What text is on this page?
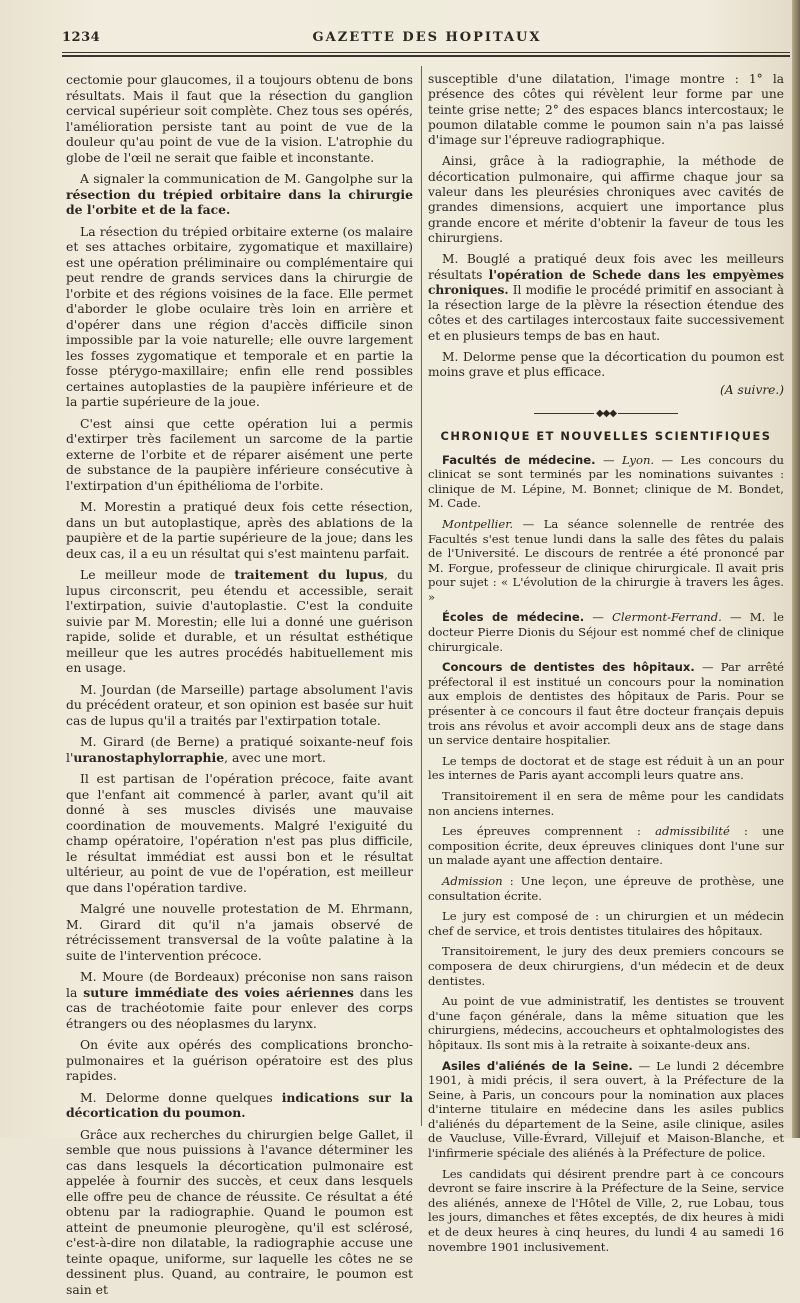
1234	GAZETTE DES HOPITAUX

cectomie pour glaucomes, il a toujours obtenu de bons résultats. Mais il faut que la résection du ganglion cervical supérieur soit complète. Chez tous ses opérés, l'amélioration persiste tant au point de vue de la douleur qu'au point de vue de la vision. L'atrophie du globe de l'œil ne serait que faible et inconstante.

A signaler la communication de M. Gangolphe sur la résection du trépied orbitaire dans la chirurgie de l'orbite et de la face.

La résection du trépied orbitaire externe (os malaire et ses attaches orbitaire, zygomatique et maxillaire) est une opération préliminaire ou complémentaire qui peut rendre de grands services dans la chirurgie de l'orbite et des régions voisines de la face. Elle permet d'aborder le globe oculaire très loin en arrière et d'opérer dans une région d'accès difficile sinon impossible par la voie naturelle; elle ouvre largement les fosses zygomatique et temporale et en partie la fosse ptérygo-maxillaire; enfin elle rend possibles certaines autoplasties de la paupière inférieure et de la partie supérieure de la joue.

C'est ainsi que cette opération lui a permis d'extirper très facilement un sarcome de la partie externe de l'orbite et de réparer aisément une perte de substance de la paupière inférieure consécutive à l'extirpation d'un épithélioma de l'orbite.

M. Morestin a pratiqué deux fois cette résection, dans un but autoplastique, après des ablations de la paupière et de la partie supérieure de la joue; dans les deux cas, il a eu un résultat qui s'est maintenu parfait.

Le meilleur mode de traitement du lupus, du lupus circonscrit, peu étendu et accessible, serait l'extirpation, suivie d'autoplastie. C'est la conduite suivie par M. Morestin; elle lui a donné une guérison rapide, solide et durable, et un résultat esthétique meilleur que les autres procédés habituellement mis en usage.

M. Jourdan (de Marseille) partage absolument l'avis du précédent orateur, et son opinion est basée sur huit cas de lupus qu'il a traités par l'extirpation totale.

M. Girard (de Berne) a pratiqué soixante-neuf fois l'uranostaphylorraphie, avec une mort.

Il est partisan de l'opération précoce, faite avant que l'enfant ait commencé à parler, avant qu'il ait donné à ses muscles divisés une mauvaise coordination de mouvements. Malgré l'exiguité du champ opératoire, l'opération n'est pas plus difficile, le résultat immédiat est aussi bon et le résultat ultérieur, au point de vue de l'opération, est meilleur que dans l'opération tardive.

Malgré une nouvelle protestation de M. Ehrmann, M. Girard dit qu'il n'a jamais observé de rétrécissement transversal de la voûte palatine à la suite de l'intervention précoce.

M. Moure (de Bordeaux) préconise non sans raison la suture immédiate des voies aériennes dans les cas de trachéotomie faite pour enlever des corps étrangers ou des néoplasmes du larynx.

On évite aux opérés des complications broncho-pulmonaires et la guérison opératoire est des plus rapides.

M. Delorme donne quelques indications sur la décortication du poumon.

Grâce aux recherches du chirurgien belge Gallet, il semble que nous puissions à l'avance déterminer les cas dans lesquels la décortication pulmonaire est appelée à fournir des succès, et ceux dans lesquels elle offre peu de chance de réussite. Ce résultat a été obtenu par la radiographie. Quand le poumon est atteint de pneumonie pleurogène, qu'il est sclérosé, c'est-à-dire non dilatable, la radiographie accuse une teinte opaque, uniforme, sur laquelle les côtes ne se dessinent plus. Quand, au contraire, le poumon est sain et

susceptible d'une dilatation, l'image montre : 1° la présence des côtes qui révèlent leur forme par une teinte grise nette; 2° des espaces blancs intercostaux; le poumon dilatable comme le poumon sain n'a pas laissé d'image sur l'épreuve radiographique.

Ainsi, grâce à la radiographie, la méthode de décortication pulmonaire, qui affirme chaque jour sa valeur dans les pleurésies chroniques avec cavités de grandes dimensions, acquiert une importance plus grande encore et mérite d'obtenir la faveur de tous les chirurgiens.

M. Bouglé a pratiqué deux fois avec les meilleurs résultats l'opération de Schede dans les empyèmes chroniques. Il modifie le procédé primitif en associant à la résection large de la plèvre la résection étendue des côtes et des cartilages intercostaux faite successivement et en plusieurs temps de bas en haut.

M. Delorme pense que la décortication du poumon est moins grave et plus efficace.

(A suivre.)
◆◆◆
CHRONIQUE ET NOUVELLES SCIENTIFIQUES

Facultés de médecine. — Lyon. — Les concours du clinicat se sont terminés par les nominations suivantes : clinique de M. Lépine, M. Bonnet; clinique de M. Bondet, M. Cade.

Montpellier. — La séance solennelle de rentrée des Facultés s'est tenue lundi dans la salle des fêtes du palais de l'Université. Le discours de rentrée a été prononcé par M. Forgue, professeur de clinique chirurgicale. Il avait pris pour sujet : « L'évolution de la chirurgie à travers les âges. »

Écoles de médecine. — Clermont-Ferrand. — M. le docteur Pierre Dionis du Séjour est nommé chef de clinique chirurgicale.

Concours de dentistes des hôpitaux. — Par arrêté préfectoral il est institué un concours pour la nomination aux emplois de dentistes des hôpitaux de Paris. Pour se présenter à ce concours il faut être docteur français depuis trois ans révolus et avoir accompli deux ans de stage dans un service dentaire hospitalier.

Le temps de doctorat et de stage est réduit à un an pour les internes de Paris ayant accompli leurs quatre ans.

Transitoirement il en sera de même pour les candidats non anciens internes.

Les épreuves comprennent : admissibilité : une composition écrite, deux épreuves cliniques dont l'une sur un malade ayant une affection dentaire.

Admission : Une leçon, une épreuve de prothèse, une consultation écrite.

Le jury est composé de : un chirurgien et un médecin chef de service, et trois dentistes titulaires des hôpitaux.

Transitoirement, le jury des deux premiers concours se composera de deux chirurgiens, d'un médecin et de deux dentistes.

Au point de vue administratif, les dentistes se trouvent d'une façon générale, dans la même situation que les chirurgiens, médecins, accoucheurs et ophtalmologistes des hôpitaux. Ils sont mis à la retraite à soixante-deux ans.

Asiles d'aliénés de la Seine. — Le lundi 2 décembre 1901, à midi précis, il sera ouvert, à la Préfecture de la Seine, à Paris, un concours pour la nomination aux places d'interne titulaire en médecine dans les asiles publics d'aliénés du département de la Seine, asile clinique, asiles de Vaucluse, Ville-Évrard, Villejuif et Maison-Blanche, et l'infirmerie spéciale des aliénés à la Préfecture de police.

Les candidats qui désirent prendre part à ce concours devront se faire inscrire à la Préfecture de la Seine, service des aliénés, annexe de l'Hôtel de Ville, 2, rue Lobau, tous les jours, dimanches et fêtes exceptés, de dix heures à midi et de deux heures à cinq heures, du lundi 4 au samedi 16 novembre 1901 inclusivement.
